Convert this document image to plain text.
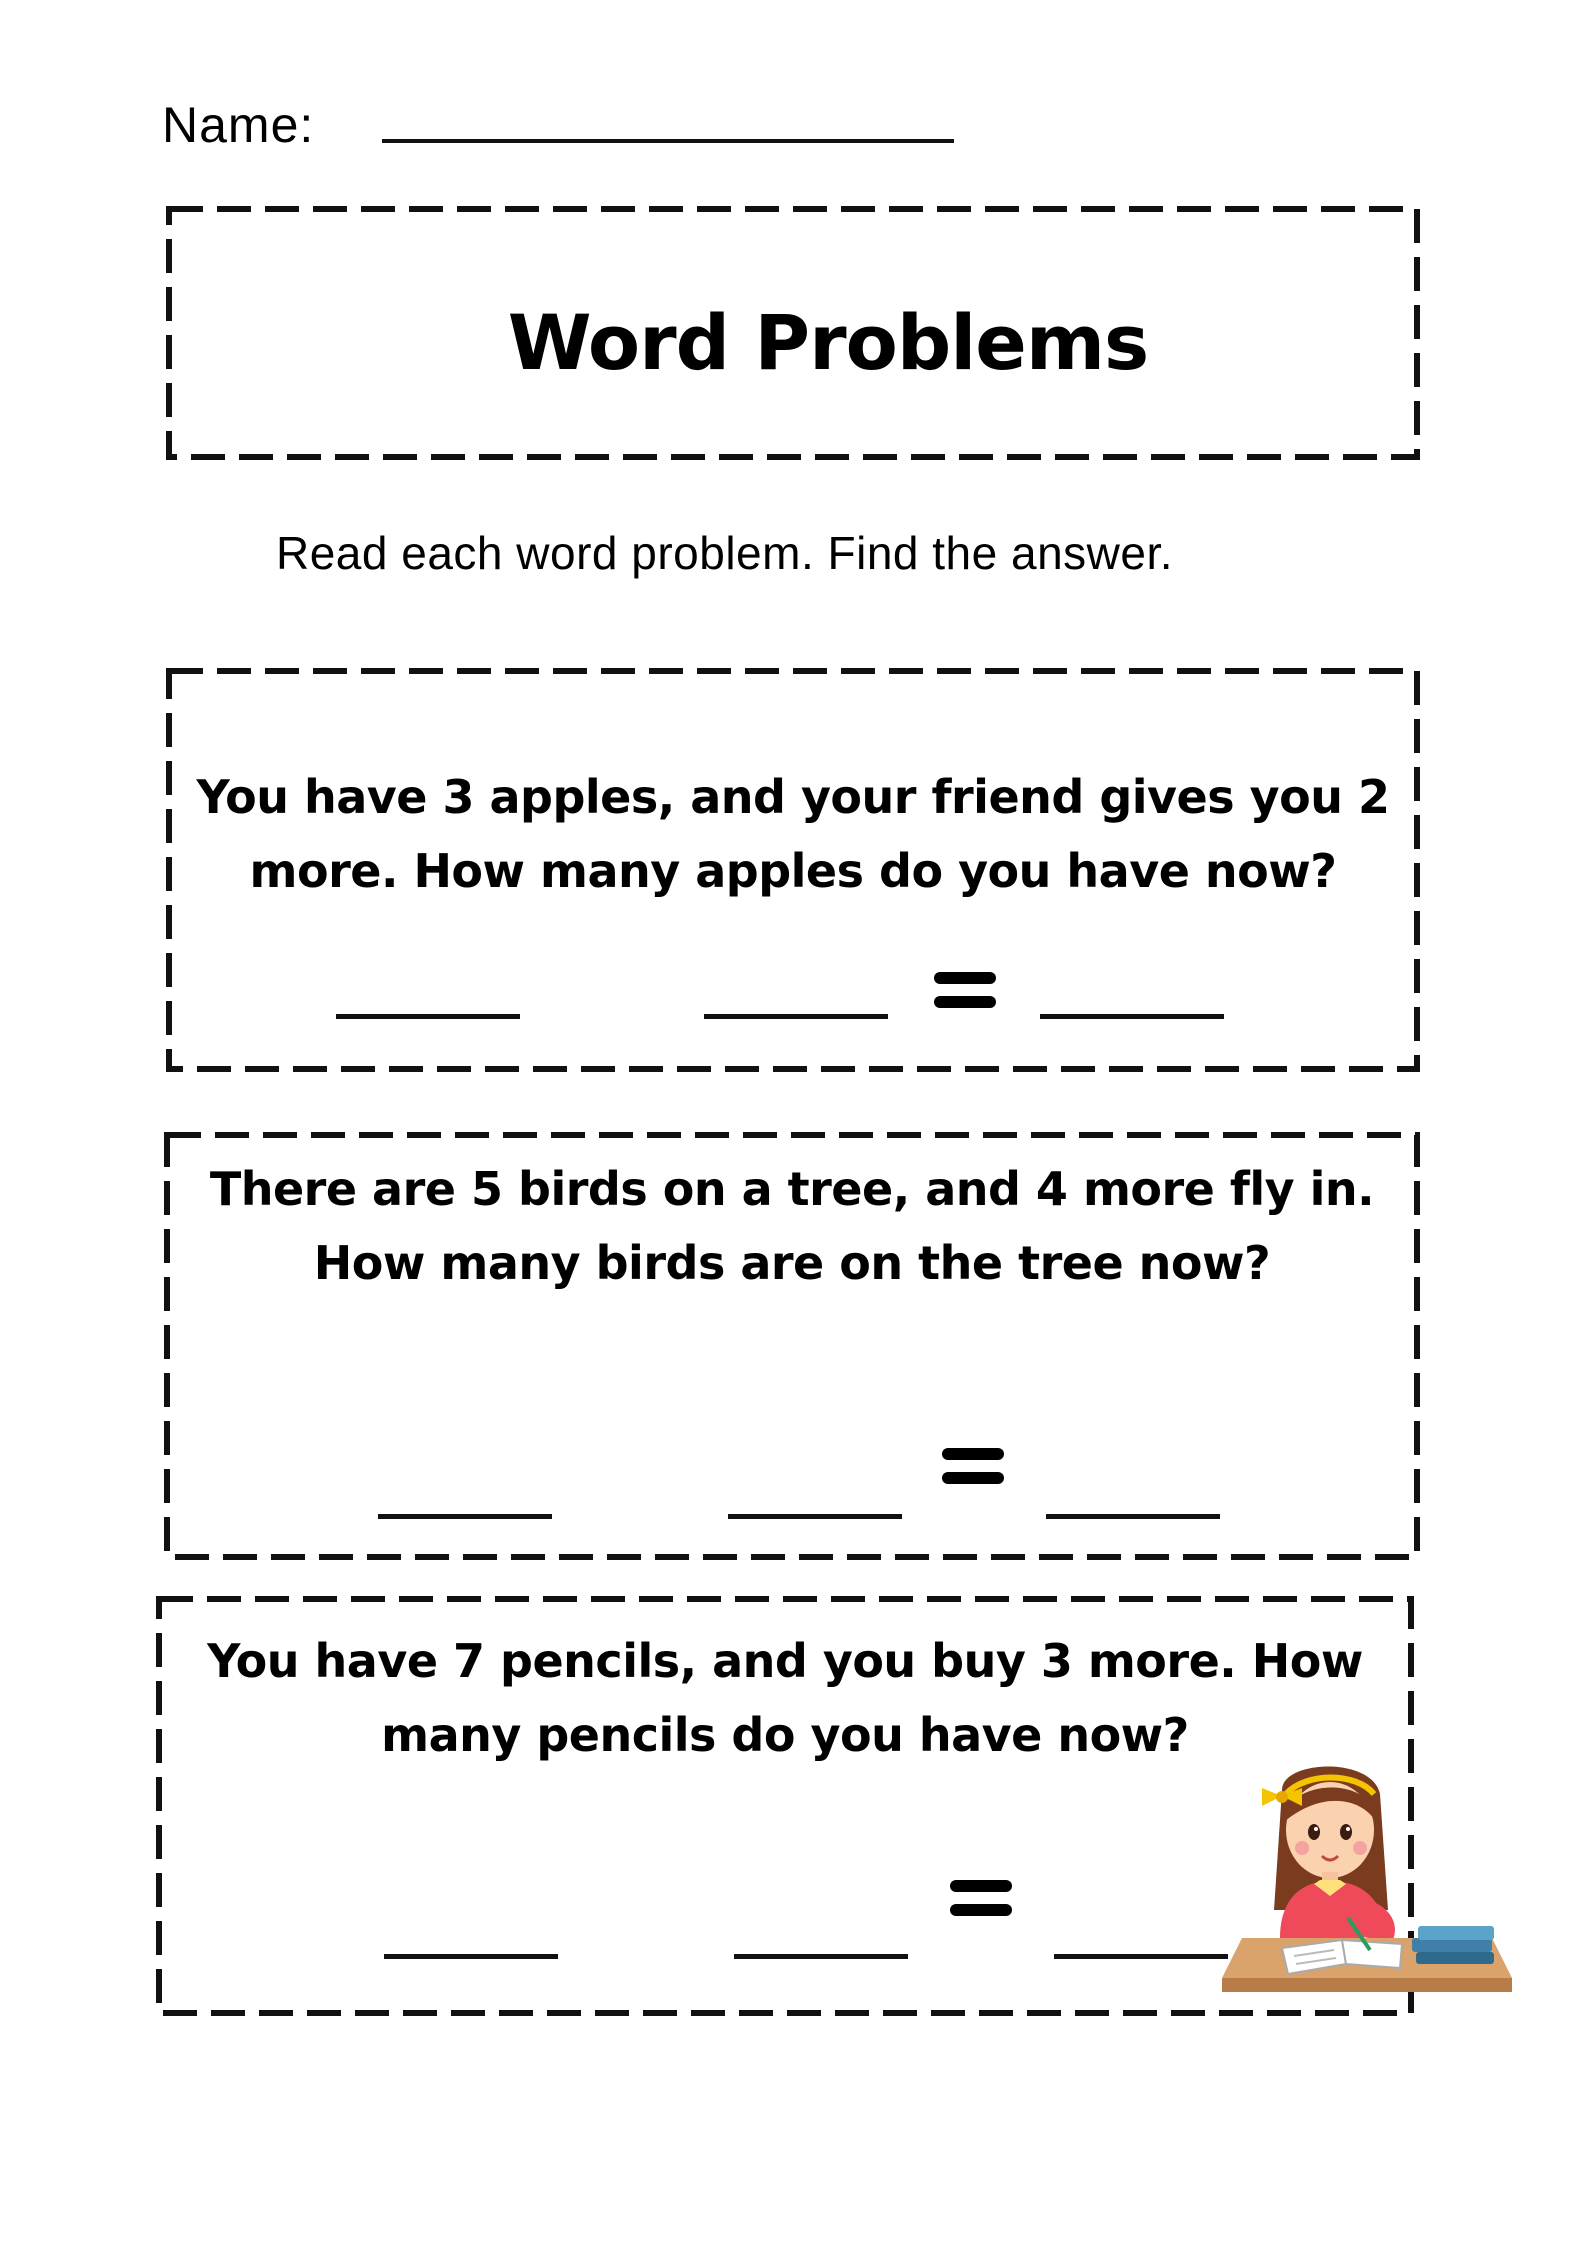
Name:
Word Problems
Read each word problem. Find the answer.
You have 3 apples, and your friend gives you 2 more. How many apples do you have now?
There are 5 birds on a tree, and 4 more fly in. How many birds are on the tree now?
You have 7 pencils, and you buy 3 more. How many pencils do you have now?
